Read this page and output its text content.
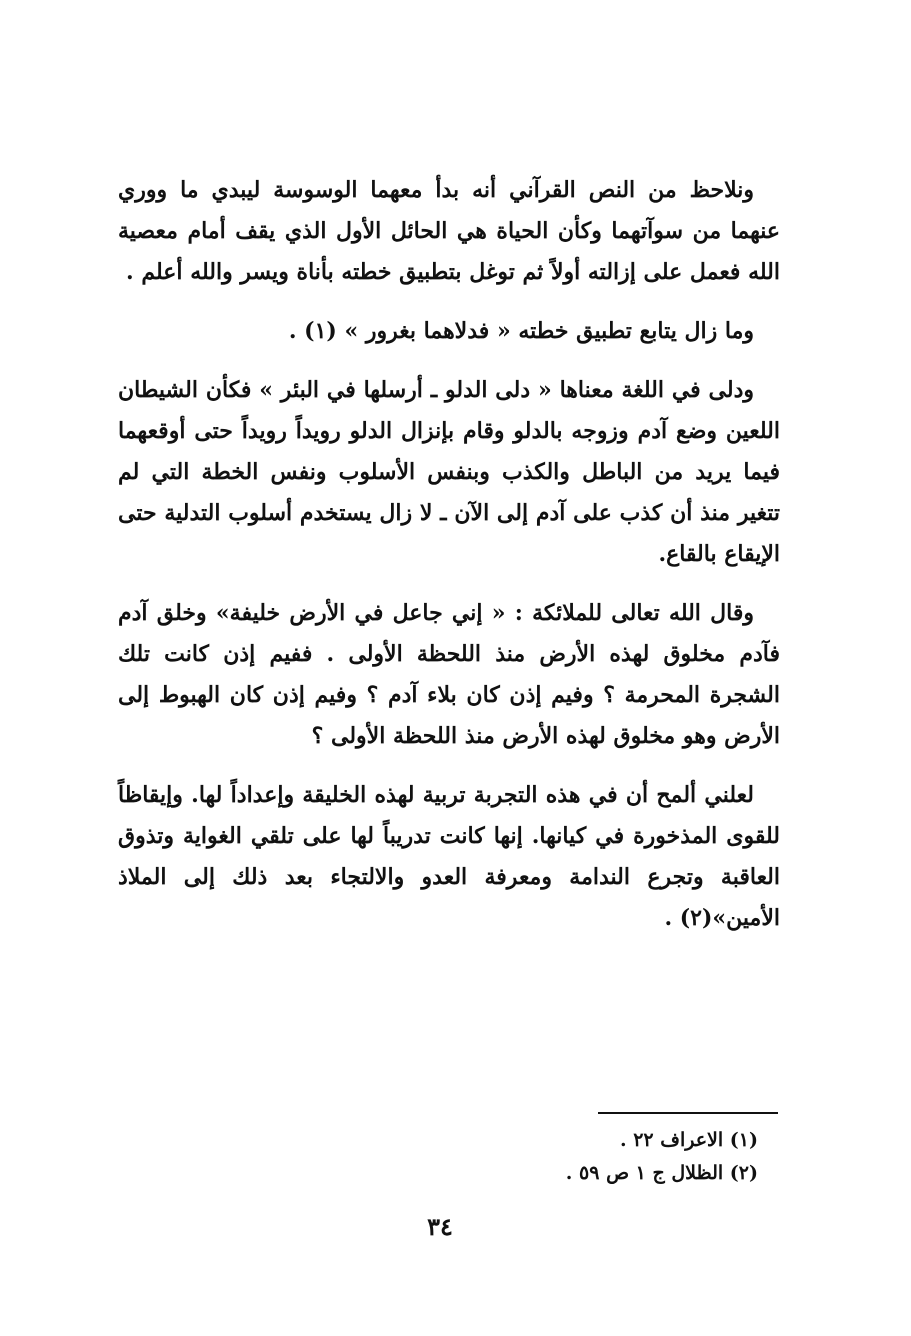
ونلاحظ من النص القرآني أنه بدأ معهما الوسوسة ليبدي ما ووري عنهما من سوآتهما وكأن الحياة هي الحائل الأول الذي يقف أمام معصية الله فعمل على إزالته أولاً ثم توغل بتطبيق خطته بأناة ويسر والله أعلم .

وما زال يتابع تطبيق خطته « فدلاهما بغرور » (١) .

ودلى في اللغة معناها « دلى الدلو ـ أرسلها في البئر » فكأن الشيطان اللعين وضع آدم وزوجه بالدلو وقام بإنزال الدلو رويداً رويداً حتى أوقعهما فيما يريد من الباطل والكذب وبنفس الأسلوب ونفس الخطة التي لم تتغير منذ أن كذب على آدم إلى الآن ـ لا زال يستخدم أسلوب التدلية حتى الإيقاع بالقاع.

وقال الله تعالى للملائكة : « إني جاعل في الأرض خليفة» وخلق آدم فآدم مخلوق لهذه الأرض منذ اللحظة الأولى . ففيم إذن كانت تلك الشجرة المحرمة ؟ وفيم إذن كان بلاء آدم ؟ وفيم إذن كان الهبوط إلى الأرض وهو مخلوق لهذه الأرض منذ اللحظة الأولى ؟

لعلني ألمح أن في هذه التجربة تربية لهذه الخليقة وإعداداً لها. وإيقاظاً للقوى المذخورة في كيانها. إنها كانت تدريباً لها على تلقي الغواية وتذوق العاقبة وتجرع الندامة ومعرفة العدو والالتجاء بعد ذلك إلى الملاذ الأمين»(٢) .

(١) الاعراف ٢٢ .
(٢) الظلال ج ١ ص ٥٩ .
٣٤
